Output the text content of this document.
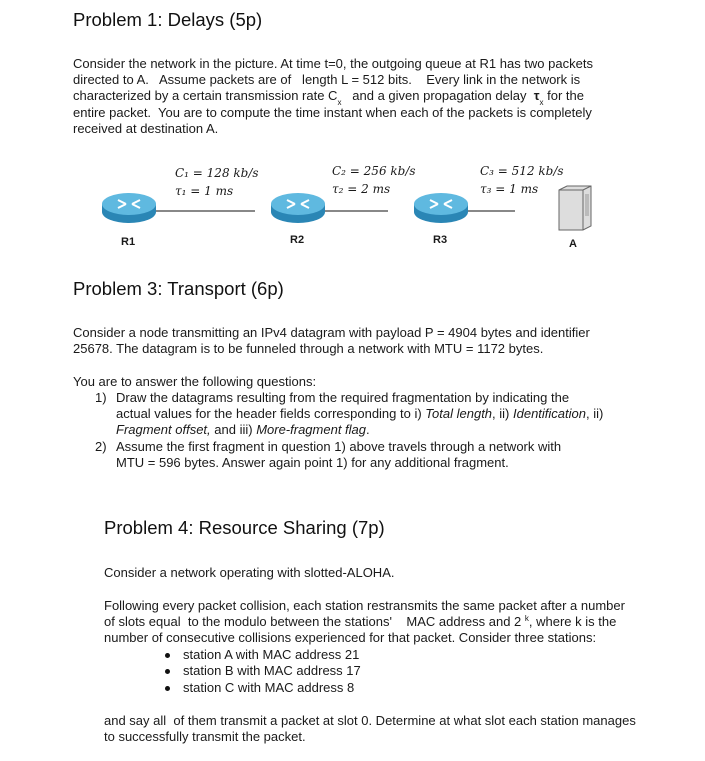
Problem 1: Delays (5p)
Consider the network in the picture. At time t=0, the outgoing queue at R1 has two packets
directed to A.   Assume packets are of   length L = 512 bits.    Every link in the network is
characterized by a certain transmission rate $C_x$   and a given propagation delay  $\tau_x$ for the
entire packet.  You are to compute the time instant when each of the packets is completely
received at destination A.
C₁ = 128 kb/s
τ₁ = 1 ms
C₂ = 256 kb/s
τ₂ = 2 ms
C₃ = 512 kb/s
τ₃ = 1 ms
R1	R2	R3	A
Problem 3: Transport (6p)
Consider a node transmitting an IPv4 datagram with payload P = 4904 bytes and identifier
25678. The datagram is to be funneled through a network with MTU = 1172 bytes.
You are to answer the following questions:
1) Draw the datagrams resulting from the required fragmentation by indicating the
actual values for the header fields corresponding to i) Total length, ii) Identification, ii)
Fragment offset, and iii) More-fragment flag.
2) Assume the first fragment in question 1) above travels through a network with
MTU = 596 bytes. Answer again point 1) for any additional fragment.
Problem 4: Resource Sharing (7p)
Consider a network operating with slotted-ALOHA.
Following every packet collision, each station restransmits the same packet after a number
of slots equal  to the modulo between the stations'    MAC address and 2 $^k$, where k is the
number of consecutive collisions experienced for that packet. Consider three stations:
station A with MAC address 21
station B with MAC address 17
station C with MAC address 8
and say all  of them transmit a packet at slot 0. Determine at what slot each station manages
to successfully transmit the packet.
